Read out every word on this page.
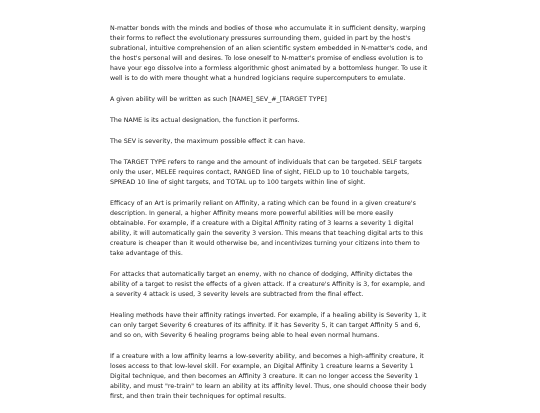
N-matter bonds with the minds and bodies of those who accumulate it in sufficient density, warping their forms to reflect the evolutionary pressures surrounding them, guided in part by the host's subrational, intuitive comprehension of an alien scientific system embedded in N-matter's code, and the host's personal will and desires. To lose oneself to N-matter's promise of endless evolution is to have your ego dissolve into a formless algorithmic ghost animated by a bottomless hunger. To use it well is to do with mere thought what a hundred logicians require supercomputers to emulate.

A given ability will be written as such [NAME]_SEV_#_[TARGET TYPE]

The NAME is its actual designation, the function it performs.

The SEV is severity, the maximum possible effect it can have.

The TARGET TYPE refers to range and the amount of individuals that can be targeted. SELF targets only the user, MELEE requires contact, RANGED line of sight, FIELD up to 10 touchable targets, SPREAD 10 line of sight targets, and TOTAL up to 100 targets within line of sight.

Efficacy of an Art is primarily reliant on Affinity, a rating which can be found in a given creature's description. In general, a higher Affinity means more powerful abilities will be more easily obtainable. For example, if a creature with a Digital Affinity rating of 3 learns a severity 1 digital ability, it will automatically gain the severity 3 version. This means that teaching digital arts to this creature is cheaper than it would otherwise be, and incentivizes turning your citizens into them to take advantage of this.

For attacks that automatically target an enemy, with no chance of dodging, Affinity dictates the ability of a target to resist the effects of a given attack. If a creature's Affinity is 3, for example, and a severity 4 attack is used, 3 severity levels are subtracted from the final effect.

Healing methods have their affinity ratings inverted. For example, if a healing ability is Severity 1, it can only target Severity 6 creatures of its affinity. If it has Severity 5, it can target Affinity 5 and 6, and so on, with Severity 6 healing programs being able to heal even normal humans.

If a creature with a low affinity learns a low-severity ability, and becomes a high-affinity creature, it loses access to that low-level skill. For example, an Digital Affinity 1 creature learns a Severity 1 Digital technique, and then becomes an Affinity 3 creature. It can no longer access the Severity 1 ability, and must "re-train" to learn an ability at its affinity level. Thus, one should choose their body first, and then train their techniques for optimal results.
